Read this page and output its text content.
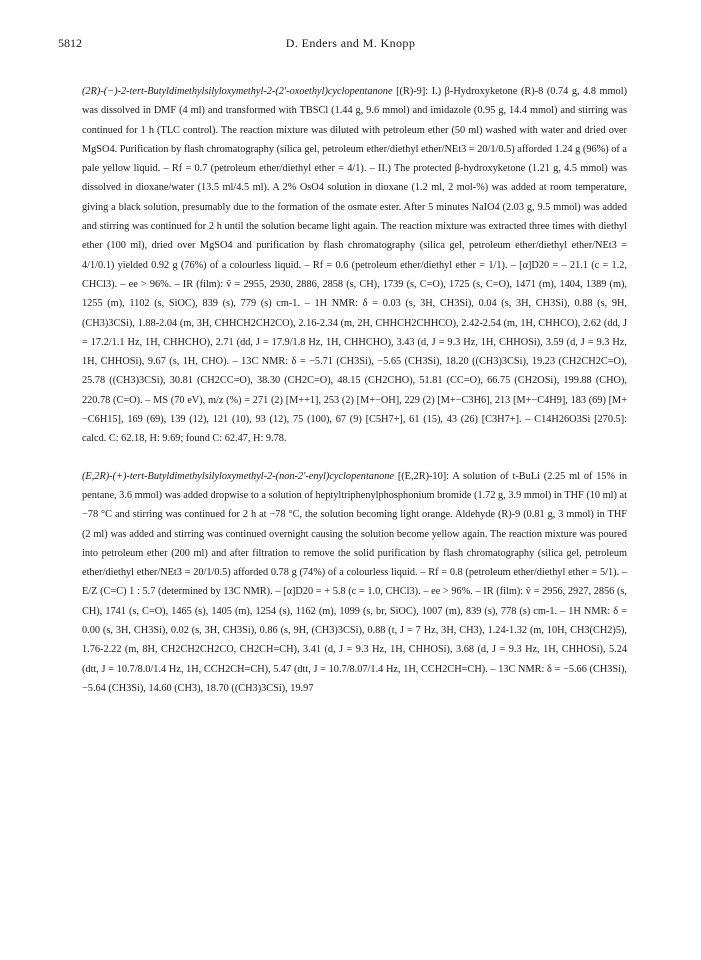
5812	D. Enders and M. Knopp

(2R)-(−)-2-tert-Butyldimethylsilyloxymethyl-2-(2′-oxoethyl)cyclopentanone [(R)-9]: I.) β-Hydroxyketone (R)-8 (0.74 g, 4.8 mmol) was dissolved in DMF (4 ml) and transformed with TBSCl (1.44 g, 9.6 mmol) and imidazole (0.95 g, 14.4 mmol) and stirring was continued for 1 h (TLC control). The reaction mixture was diluted with petroleum ether (50 ml) washed with water and dried over MgSO4. Purification by flash chromatography (silica gel, petroleum ether/diethyl ether/NEt3 = 20/1/0.5) afforded 1.24 g (96%) of a pale yellow liquid. – Rf = 0.7 (petroleum ether/diethyl ether = 4/1). – II.) The protected β-hydroxyketone (1.21 g, 4.5 mmol) was dissolved in dioxane/water (13.5 ml/4.5 ml). A 2% OsO4 solution in dioxane (1.2 ml, 2 mol-%) was added at room temperature, giving a black solution, presumably due to the formation of the osmate ester. After 5 minutes NaIO4 (2.03 g, 9.5 mmol) was added and stirring was continued for 2 h until the solution became light again. The reaction mixture was extracted three times with diethyl ether (100 ml), dried over MgSO4 and purification by flash chromatography (silica gel, petroleum ether/diethyl ether/NEt3 = 4/1/0.1) yielded 0.92 g (76%) of a colourless liquid. – Rf = 0.6 (petroleum ether/diethyl ether = 1/1). – [α]D20 = – 21.1 (c = 1.2, CHCl3). – ee > 96%. – IR (film): ṽ = 2955, 2930, 2886, 2858 (s, CH), 1739 (s, C=O), 1725 (s, C=O), 1471 (m), 1404, 1389 (m), 1255 (m), 1102 (s, SiOC), 839 (s), 779 (s) cm-1. – 1H NMR: δ = 0.03 (s, 3H, CH3Si), 0.04 (s, 3H, CH3Si), 0.88 (s, 9H, (CH3)3CSi), 1.88-2.04 (m, 3H, CHHCH2CH2CO), 2.16-2.34 (m, 2H, CHHCH2CHHCO), 2.42-2.54 (m, 1H, CHHCO), 2.62 (dd, J = 17.2/1.1 Hz, 1H, CHHCHO), 2.71 (dd, J = 17.9/1.8 Hz, 1H, CHHCHO), 3.43 (d, J = 9.3 Hz, 1H, CHHOSi), 3.59 (d, J = 9.3 Hz, 1H, CHHOSi), 9.67 (s, 1H, CHO). – 13C NMR: δ = −5.71 (CH3Si), −5.65 (CH3Si), 18.20 ((CH3)3CSi), 19.23 (CH2CH2C=O), 25.78 ((CH3)3CSi), 30.81 (CH2CC=O), 38.30 (CH2C=O), 48.15 (CH2CHO), 51.81 (CC=O), 66.75 (CH2OSi), 199.88 (CHO), 220.78 (C=O). – MS (70 eV), m/z (%) = 271 (2) [M++1], 253 (2) [M+−OH], 229 (2) [M+−C3H6], 213 [M+−C4H9], 183 (69) [M+−C6H15], 169 (69), 139 (12), 121 (10), 93 (12), 75 (100), 67 (9) [C5H7+], 61 (15), 43 (26) [C3H7+]. – C14H26O3Si [270.5]: calcd. C: 62.18, H: 9.69; found C: 62.47, H: 9.78.

(E,2R)-(+)-tert-Butyldimethylsilyloxymethyl-2-(non-2′-enyl)cyclopentanone [(E,2R)-10]: A solution of t-BuLi (2.25 ml of 15% in pentane, 3.6 mmol) was added dropwise to a solution of heptyltriphenylphosphonium bromide (1.72 g, 3.9 mmol) in THF (10 ml) at −78 °C and stirring was continued for 2 h at −78 °C, the solution becoming light orange. Aldehyde (R)-9 (0.81 g, 3 mmol) in THF (2 ml) was added and stirring was continued overnight causing the solution become yellow again. The reaction mixture was poured into petroleum ether (200 ml) and after filtration to remove the solid purification by flash chromatography (silica gel, petroleum ether/diethyl ether/NEt3 = 20/1/0.5) afforded 0.78 g (74%) of a colourless liquid. – Rf = 0.8 (petroleum ether/diethyl ether = 5/1). – E/Z (C=C) 1 : 5.7 (determined by 13C NMR). – [α]D20 = + 5.8 (c = 1.0, CHCl3). – ee > 96%. – IR (film): ṽ = 2956, 2927, 2856 (s, CH), 1741 (s, C=O), 1465 (s), 1405 (m), 1254 (s), 1162 (m), 1099 (s, br, SiOC), 1007 (m), 839 (s), 778 (s) cm-1. – 1H NMR: δ = 0.00 (s, 3H, CH3Si), 0.02 (s, 3H, CH3Si), 0.86 (s, 9H, (CH3)3CSi), 0.88 (t, J = 7 Hz, 3H, CH3), 1.24-1.32 (m, 10H, CH3(CH2)5), 1.76-2.22 (m, 8H, CH2CH2CH2CO, CH2CH=CH), 3.41 (d, J = 9.3 Hz, 1H, CHHOSi), 3.68 (d, J = 9.3 Hz, 1H, CHHOSi), 5.24 (dtt, J = 10.7/8.0/1.4 Hz, 1H, CCH2CH=CH), 5.47 (dtt, J = 10.7/8.07/1.4 Hz, 1H, CCH2CH=CH). – 13C NMR: δ = −5.66 (CH3Si), −5.64 (CH3Si), 14.60 (CH3), 18.70 ((CH3)3CSi), 19.97
